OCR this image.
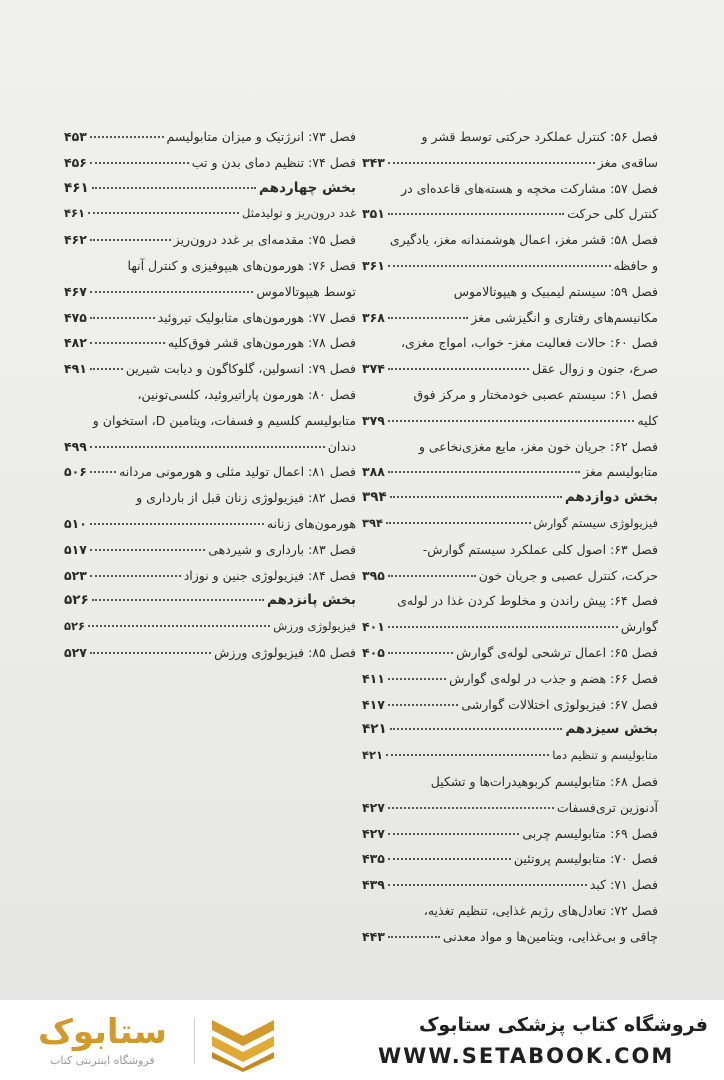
فصل ۵۶: کنترل عملکرد حرکتی توسط قشر و
ساقه‌ی مغز
۳۴۳
فصل ۵۷: مشارکت مخچه و هسته‌های قاعده‌ای در
کنترل کلی حرکت
۳۵۱
فصل ۵۸: قشر مغز، اعمال هوشمندانه مغز، یادگیری
و حافظه
۳۶۱
فصل ۵۹: سیستم لیمبیک و هیپوتالاموس
مکانیسم‌های رفتاری و انگیزشی مغز
۳۶۸
فصل ۶۰: حالات فعالیت مغز- خواب، امواج مغزی،
صرع، جنون و زوال عقل
۳۷۴
فصل ۶۱: سیستم عصبی خودمختار و مرکز فوق
کلیه
۳۷۹
فصل ۶۲: جریان خون مغز، مایع مغزی‌نخاعی و
متابولیسم مغز
۳۸۸
بخش دوازدهم
۳۹۴
فیزیولوژی سیستم گوارش
۳۹۴
فصل ۶۳: اصول کلی عملکرد سیستم گوارش-
حرکت، کنترل عصبی و جریان خون
۳۹۵
فصل ۶۴: پیش راندن و مخلوط کردن غذا در لوله‌ی
گوارش
۴۰۱
فصل ۶۵: اعمال ترشحی لوله‌ی گوارش
۴۰۵
فصل ۶۶: هضم و جذب در لوله‌ی گوارش
۴۱۱
فصل ۶۷: فیزیولوژی اختلالات گوارشی
۴۱۷
بخش سیزدهم
۴۲۱
متابولیسم و تنظیم دما
۴۲۱
فصل ۶۸: متابولیسم کربوهیدرات‌ها و تشکیل
آدنوزین تری‌فسفات
۴۲۷
فصل ۶۹: متابولیسم چربی
۴۲۷
فصل ۷۰: متابولیسم پروتئین
۴۳۵
فصل ۷۱: کبد
۴۳۹
فصل ۷۲: تعادل‌های رژیم غذایی، تنظیم تغذیه،
چاقی و بی‌غذایی، ویتامین‌ها و مواد معدنی
۴۴۳
فصل ۷۳: انرژتیک و میزان متابولیسم
۴۵۳
فصل ۷۴: تنظیم دمای بدن و تب
۴۵۶
بخش چهاردهم
۴۶۱
غدد درون‌ریز و تولیدمثل
۴۶۱
فصل ۷۵: مقدمه‌ای بر غدد درون‌ریز
۴۶۲
فصل ۷۶: هورمون‌های هیپوفیزی و کنترل آنها
توسط هیپوتالاموس
۴۶۷
فصل ۷۷: هورمون‌های متابولیک تیروئید
۴۷۵
فصل ۷۸: هورمون‌های قشر فوق‌کلیه
۴۸۲
فصل ۷۹: انسولین، گلوکاگون و دیابت شیرین
۴۹۱
فصل ۸۰: هورمون پاراتیروئید، کلسی‌تونین،
متابولیسم کلسیم و فسفات، ویتامین D، استخوان و
دندان
۴۹۹
فصل ۸۱: اعمال تولید مثلی و هورمونی مردانه
۵۰۶
فصل ۸۲: فیزیولوژی زنان قبل از بارداری و
هورمون‌های زنانه
۵۱۰
فصل ۸۳: بارداری و شیردهی
۵۱۷
فصل ۸۴: فیزیولوژی جنین و نوزاد
۵۲۳
بخش پانزدهم
۵۲۶
فیزیولوژی ورزش
۵۲۶
فصل ۸۵: فیزیولوژی ورزش
۵۲۷
فروشگاه کتاب پزشکی ستابوک
WWW.SETABOOK.COM
ستابوک
فروشگاه اینترنتی کتاب
